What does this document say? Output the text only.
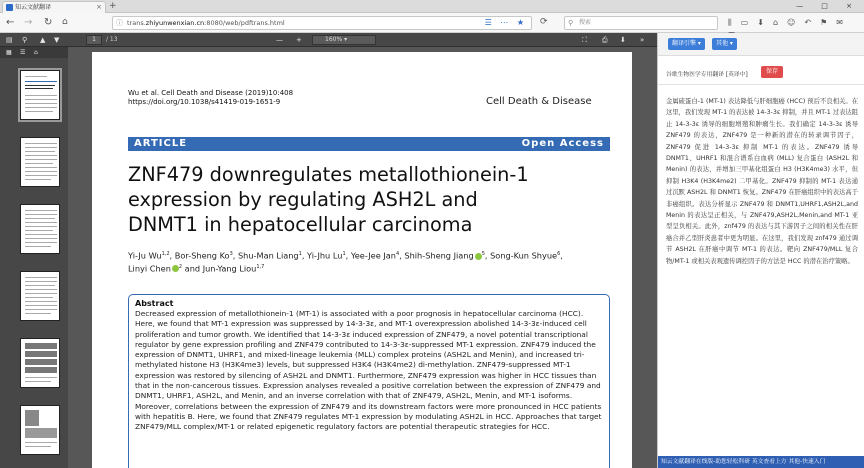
知云文献翻译	× +	— □ ×
← → ↻ ⌂	ⓘ trans.zhiyunwenxian.cn:8080/web/pdftrans.html	☰ ⋯ ★ ⟳	⚲ 搜索	⫼▭⬇⌂☺↶⚑✉
▤ ⚲ ▲ ▼	1	/ 13	— +	160% ▾	⛶ ⎙ ⬇ »
▦ ☰ ⌂
Wu et al. Cell Death and Disease (2019)10:408
https://doi.org/10.1038/s41419-019-1651-9	Cell Death & Disease
ARTICLE	Open Access
ZNF479 downregulates metallothionein-1
expression by regulating ASH2L and
DNMT1 in hepatocellular carcinoma
Yi-Ju Wu$^{1,2}$, Bor-Sheng Ko$^3$, Shu-Man Liang$^1$, Yi-Jhu Lu$^1$, Yee-Jee Jan$^4$, Shih-Sheng Jiang $^5$, Song-Kun Shyue$^6$,
Linyi Chen $^2$ and Jun-Yang Liou$^{1,7}$
Abstract
Decreased expression of metallothionein-1 (MT-1) is associated with a poor prognosis in hepatocellular carcinoma (HCC). Here, we found that MT-1 expression was suppressed by 14-3-3ε, and MT-1 overexpression abolished 14-3-3ε-induced cell proliferation and tumor growth. We identified that 14-3-3ε induced expression of ZNF479, a novel potential transcriptional regulator by gene expression profiling and ZNF479 contributed to 14-3-3ε-suppressed MT-1 expression. ZNF479 induced the expression of DNMT1, UHRF1, and mixed-lineage leukemia (MLL) complex proteins (ASH2L and Menin), and increased tri-methylated histone H3 (H3K4me3) levels, but suppressed H3K4 (H3K4me2) di-methylation. ZNF479-suppressed MT-1 expression was restored by silencing of ASH2L and DNMT1. Furthermore, ZNF479 expression was higher in HCC tissues than that in the non-cancerous tissues. Expression analyses revealed a positive correlation between the expression of ZNF479 and DNMT1, UHRF1, ASH2L, and Menin, and an inverse correlation with that of ZNF479, ASH2L, Menin, and MT-1 isoforms. Moreover, correlations between the expression of ZNF479 and its downstream factors were more pronounced in HCC patients with hepatitis B. Here, we found that ZNF479 regulates MT-1 expression by modulating ASH2L in HCC. Approaches that target ZNF479/MLL complex/MT-1 or related epigenetic regulatory factors are potential therapeutic strategies for HCC.
翻译引擎 ▾	其他 ▾
谷歌生物医学专用翻译 [英译中]	保存
金属硫蛋白-1 (MT-1) 表达降低与肝细胞癌 (HCC) 预后不良相关。在这里，我们发现 MT-1 的表达被 14-3-3ε 抑制，并且 MT-1 过表达阻止 14-3-3ε 诱导的细胞增殖和肿瘤生长。我们确定 14-3-3ε 诱导 ZNF479 的表达，ZNF479 是一种新的潜在的转录调节因子，ZNF479 促进 14-3-3ε 抑制 MT-1 的表达。ZNF479 诱导 DNMT1、UHRF1 和混合谱系白血病 (MLL) 复合蛋白 (ASH2L 和 Menin) 的表达，并增加三甲基化组蛋白 H3 (H3K4me3) 水平，但抑制 H3K4 (H3K4me2) 二甲基化。ZNF479 抑制的 MT-1 表达通过沉默 ASH2L 和 DNMT1 恢复。ZNF479 在肝癌组织中的表达高于非癌组织。表达分析显示 ZNF479 和 DNMT1,UHRF1,ASH2L,and Menin 的表达呈正相关，与 ZNF479,ASH2L,Menin,and MT-1 亚型呈负相关。此外，znf479 的表达与其下游因子之间的相关性在肝癌合并乙型肝炎患者中更为明显。在这里，我们发现 znf479 通过调节 ASH2L 在肝癌中调节 MT-1 的表达。靶向 ZNF479/MLL 复合物/MT-1 或相关表观遗传调控因子的方法是 HCC 的潜在治疗策略。
知云文献翻译在线版-助您轻松科研 英文查看上方 其他-快速入门
